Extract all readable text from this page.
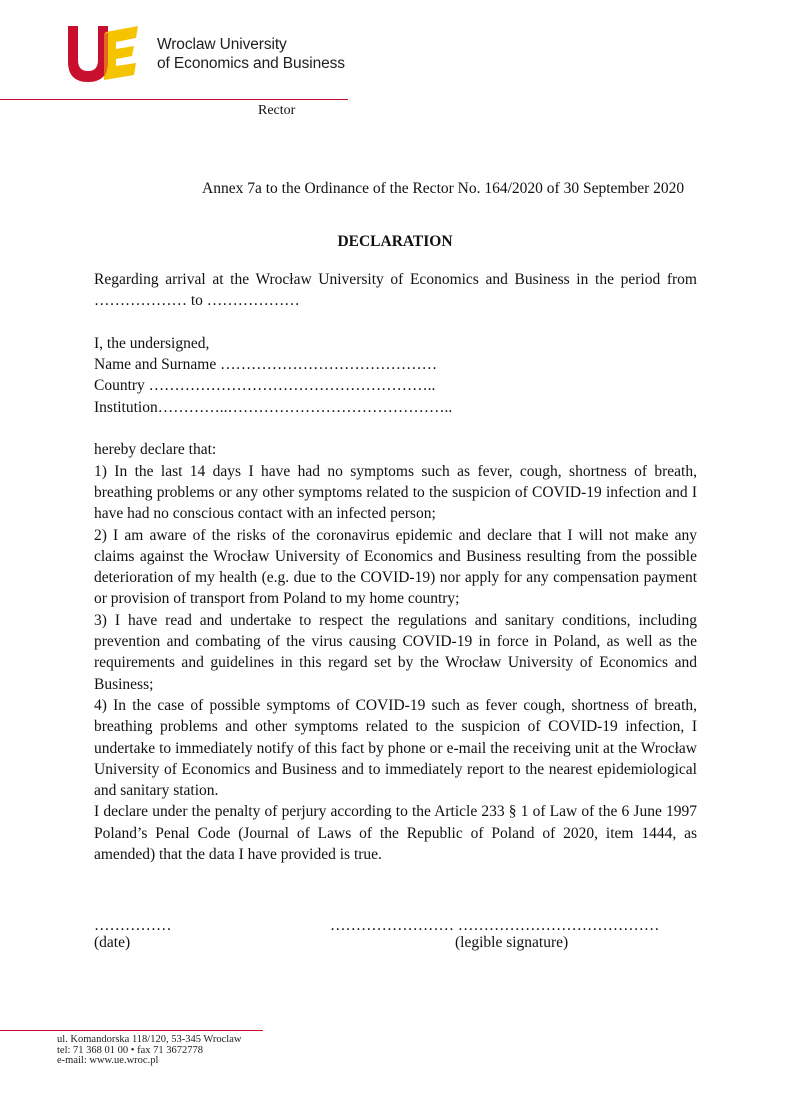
Wroclaw University
of Economics and Business
Rector
Annex 7a to the Ordinance of the Rector No. 164/2020 of 30 September 2020
DECLARATION

Regarding arrival at the Wrocław University of Economics and Business in the period from ……………… to ………………

I, the undersigned,

Name and Surname ……………………………………

Country ………………………………………………..

Institution…………..……………………………………..

hereby declare that:

1) In the last 14 days I have had no symptoms such as fever, cough, shortness of breath, breathing problems or any other symptoms related to the suspicion of COVID-19 infection and I have had no conscious contact with an infected person;

2) I am aware of the risks of the coronavirus epidemic and declare that I will not make any claims against the Wrocław University of Economics and Business resulting from the possible deterioration of my health (e.g. due to the COVID-19) nor apply for any compensation payment or provision of transport from Poland to my home country;

3) I have read and undertake to respect the regulations and sanitary conditions, including prevention and combating of the virus causing COVID-19 in force in Poland, as well as the requirements and guidelines in this regard set by the Wrocław University of Economics and Business;

4) In the case of possible symptoms of COVID-19 such as fever cough, shortness of breath, breathing problems and other symptoms related to the suspicion of COVID-19 infection, I undertake to immediately notify of this fact by phone or e-mail the receiving unit at the Wrocław University of Economics and Business and to immediately report to the nearest epidemiological and sanitary station.

I declare under the penalty of perjury according to the Article 233 § 1 of Law of the 6 June 1997 Poland’s Penal Code (Journal of Laws of the Republic of Poland of 2020, item 1444, as amended) that the data I have provided is true.

……………
(date)
…………………… …………………………………
(legible signature)
ul. Komandorska 118/120, 53-345 Wroclaw
tel: 71 368 01 00 • fax 71 3672778
e-mail: www.ue.wroc.pl
